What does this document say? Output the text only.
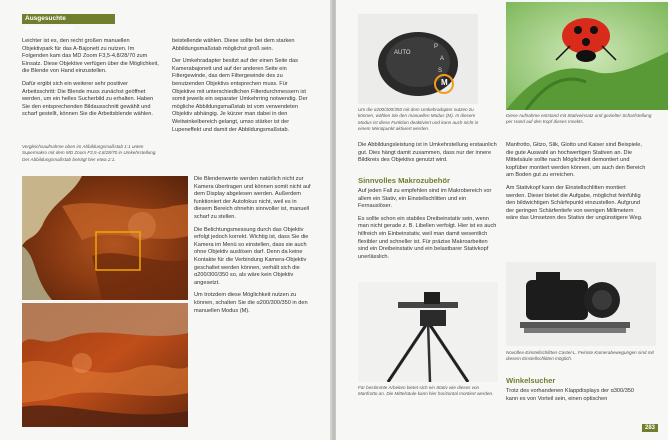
Ausgesuchte Fotosituationen

Leichter ist es, den recht großen manuellen Objektivpark für das A-Bajonett zu nutzen. Im Folgenden kam das MD Zoom F3,5-4,8/28/70 zum Einsatz. Diese Objektive verfügen über die Möglichkeit, die Blende von Hand einzustellen.

Dafür ergibt sich ein weiterer sehr positiver Arbeitsschritt: Die Blende muss zunächst geöffnet werden, um ein helles Sucherbild zu erhalten. Haben Sie den entsprechenden Bildausschnitt gewählt und scharf gestellt, können Sie die Arbeitsblende wählen.

Vergleichsaufnahme oben im Abbildungsmaßstab 1:1 unten Supermakro mit dem MD Zoom F3,5-4,8/28/70 in Umkehrstellung. Der Abbildungsmaßstab beträgt hier etwa 2:1.

beistellende wählen. Diese sollte bei dem starken Abbildungsmaßstab möglichst groß sein.

Der Umkehradapter besitzt auf der einen Seite das Kamerabajonett und auf der anderen Seite ein Filtergewinde, das dem Filtergewinde des zu benutzenden Objektivs entsprechen muss. Für Objektive mit unterschiedlichen Filterdurchmessern ist somit jeweils ein separater Umkehrring notwendig. Der mögliche Abbildungsmaßstab ist vom verwendeten Objektiv abhängig. Je kürzer man dabei in den Weitwinkelbereich gelangt, umso stärker ist der Lupeneffekt und damit der Abbildungsmaßstab.

Die Blendenwerte werden natürlich nicht zur Kamera übertragen und können somit nicht auf dem Display abgelesen werden. Außerdem funktioniert der Autofokus nicht, weil es in diesem Bereich ohnehin sinnvoller ist, manuell scharf zu stellen.

Die Belichtungsmessung durch das Objektiv erfolgt jedoch korrekt. Wichtig ist, dass Sie die Kamera im Menü so einstellen, dass sie auch ohne Objektiv auslösen darf. Denn da keine Kontakte für die Verbindung Kamera-Objektiv geschaltet werden können, verhält sich die α200/300/350 so, als wäre kein Objektiv angesetzt.

Um trotzdem diese Möglichkeit nutzen zu können, schalten Sie die α200/300/350 in den manuellen Modus (M).

AUTO
P
A
S
M
Um die α200/300/350 mit dem Umkehradapter nutzen zu können, wählen Sie den manuellen Modus (M). In diesem Modus ist diese Funktion deaktiviert und kann auch nicht in einem Menüpunkt aktiviert werden.
Diese Aufnahme entstand mit Stativeinsatz und gezielter Scharfstellung per Hand auf den Kopf dieses Insekts.
Die Abbildungsleistung ist in Umkehrstellung erstaunlich gut. Dies hängt damit zusammen, dass nur der innere Bildkreis des Objektivs genutzt wird.
Sinnvolles Makrozubehör

Auf jeden Fall zu empfehlen sind im Makrobereich vor allem ein Stativ, ein Einstellschlitten und ein Fernauslöser.

Es sollte schon ein stabiles Dreibeinstativ sein, wenn man nicht gerade z. B. Libellen verfolgt. Hier ist es auch hilfreich ein Einbeinstativ, weil man damit wesentlich flexibler und schneller ist. Für präzise Makroarbeiten sind ein Dreibeinstativ und ein belastbarer Stativkopf unerlässlich.

Für bestimmte Arbeiten bietet sich ein Stativ wie dieses von Manfrotto an. Die Mittelsäule kann hier horizontal montiert werden.

Manfrotto, Gitzo, Slik, Giotto und Kaiser sind Beispiele, die gute Auswahl an hochwertigen Stativen an. Die Mittelsäule sollte nach Möglichkeit demontiert und kopfüber montiert werden können, um auch den Bereich am Boden gut zu erreichen.

Am Stativkopf kann der Einstellschlitten montiert werden. Dieser bietet die Aufgabe, möglichst feinfühlig den bildwichtigen Schärfepunkt einzustellen. Aufgrund der geringen Schärfentiefe von wenigen Millimetern wäre das Umsetzen des Stativs der ungünstigere Weg.

Novoflex-Einstellschlitten Castel-L. Feinste Kamerabewegungen sind mit diesem Einstellschlitten möglich.
Winkelsucher
Trotz des vorhandenen Klappdisplays der α300/350 kann es von Vorteil sein, einen optischen
283
